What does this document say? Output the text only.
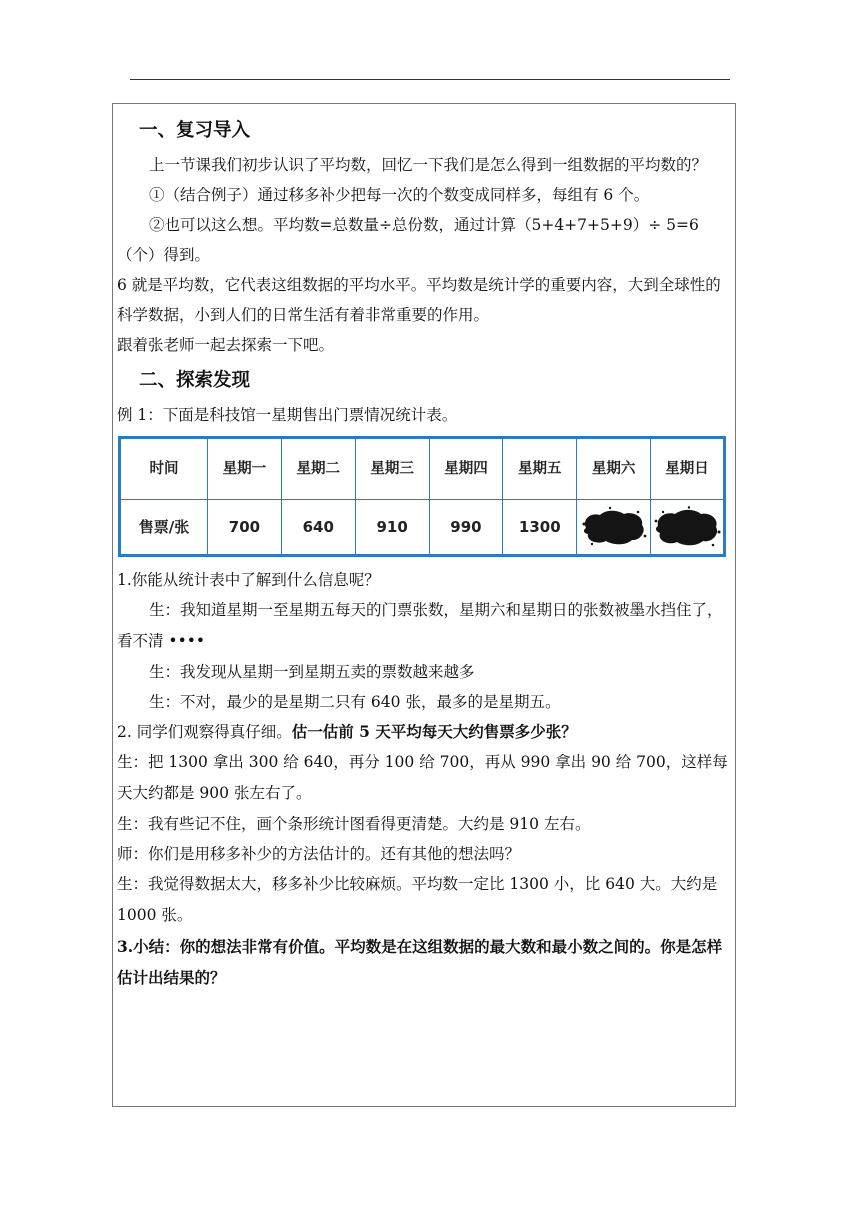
一、复习导入

上一节课我们初步认识了平均数，回忆一下我们是怎么得到一组数据的平均数的？

①（结合例子）通过移多补少把每一次的个数变成同样多，每组有 6 个。

②也可以这么想。平均数=总数量÷总份数，通过计算（5+4+7+5+9）÷ 5=6（个）得到。

6 就是平均数，它代表这组数据的平均水平。平均数是统计学的重要内容，大到全球性的科学数据，小到人们的日常生活有着非常重要的作用。

跟着张老师一起去探索一下吧。

二、探索发现

例 1：下面是科技馆一星期售出门票情况统计表。

时间	星期一	星期二	星期三	星期四	星期五	星期六	星期日
售票/张	700	640	910	990	1300		

1.你能从统计表中了解到什么信息呢？

生：我知道星期一至星期五每天的门票张数，星期六和星期日的张数被墨水挡住了，看不清 ••••

生：我发现从星期一到星期五卖的票数越来越多

生：不对，最少的是星期二只有 640 张，最多的是星期五。

2. 同学们观察得真仔细。估一估前 5 天平均每天大约售票多少张？

生：把 1300 拿出 300 给 640，再分 100 给 700，再从 990 拿出 90 给 700，这样每天大约都是 900 张左右了。

生：我有些记不住，画个条形统计图看得更清楚。大约是 910 左右。

师：你们是用移多补少的方法估计的。还有其他的想法吗？

生：我觉得数据太大，移多补少比较麻烦。平均数一定比 1300 小，比 640 大。大约是 1000 张。

3.小结：你的想法非常有价值。平均数是在这组数据的最大数和最小数之间的。你是怎样估计出结果的？
